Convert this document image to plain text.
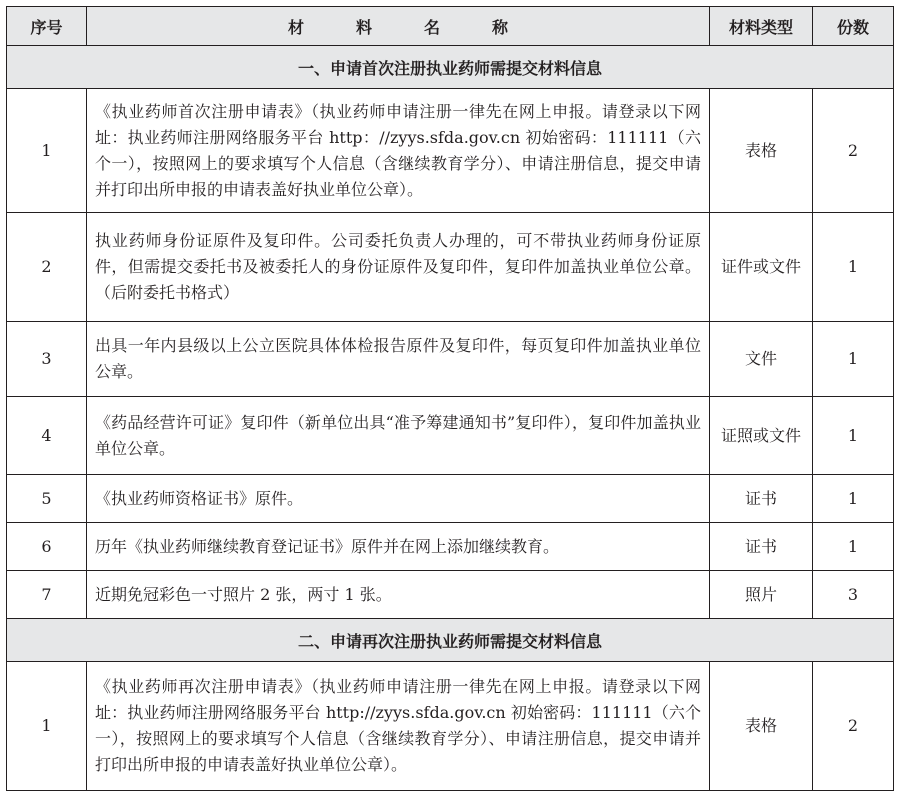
序号	材料名称	材料类型	份数
一、申请首次注册执业药师需提交材料信息			
1	《执业药师首次注册申请表》（执业药师申请注册一律先在网上申报。请登录以下网址：执业药师注册网络服务平台 http：//zyys.sfda.gov.cn 初始密码：111111（六个一），按照网上的要求填写个人信息（含继续教育学分）、申请注册信息，提交申请并打印出所申报的申请表盖好执业单位公章）。	表格	2
2	执业药师身份证原件及复印件。公司委托负责人办理的，可不带执业药师身份证原件，但需提交委托书及被委托人的身份证原件及复印件，复印件加盖执业单位公章。（后附委托书格式）	证件或文件	1
3	出具一年内县级以上公立医院具体体检报告原件及复印件，每页复印件加盖执业单位公章。	文件	1
4	《药品经营许可证》复印件（新单位出具“准予筹建通知书”复印件），复印件加盖执业单位公章。	证照或文件	1
5	《执业药师资格证书》原件。	证书	1
6	历年《执业药师继续教育登记证书》原件并在网上添加继续教育。	证书	1
7	近期免冠彩色一寸照片 2 张，两寸 1 张。	照片	3
二、申请再次注册执业药师需提交材料信息			
1	《执业药师再次注册申请表》（执业药师申请注册一律先在网上申报。请登录以下网址：执业药师注册网络服务平台 http://zyys.sfda.gov.cn 初始密码：111111（六个一），按照网上的要求填写个人信息（含继续教育学分）、申请注册信息，提交申请并打印出所申报的申请表盖好执业单位公章）。	表格	2
